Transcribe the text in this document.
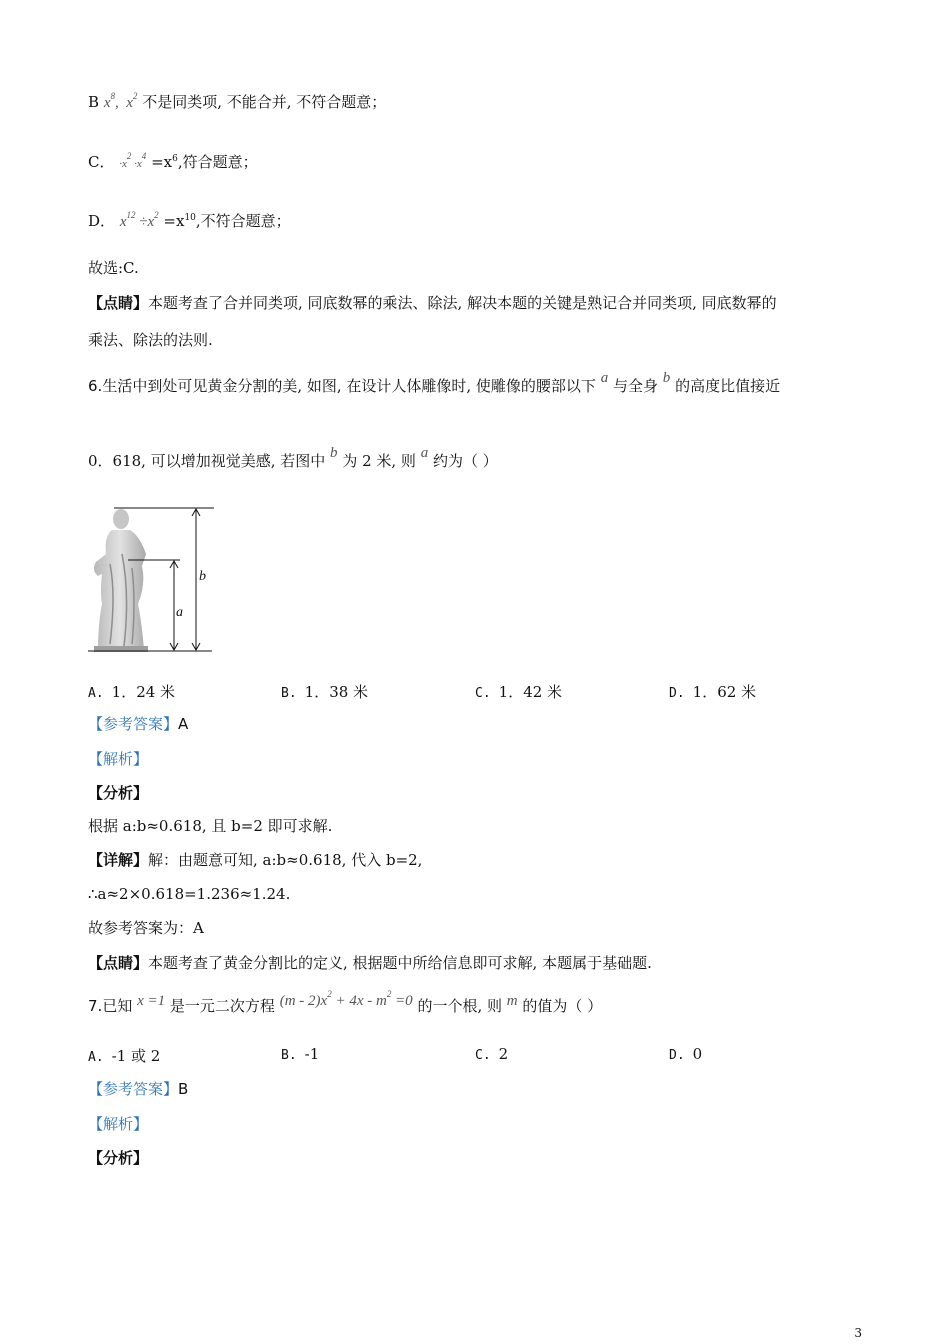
B $x^8$,  $x^2$ 不是同类项, 不能合并, 不符合题意；
C． $\cdot x^2 \cdot x^4 =x^6$,符合题意；
D． $x^{12} \div x^2 =x^{10}$,不符合题意；
故选:C.
【点睛】本题考查了合并同类项, 同底数幂的乘法、除法, 解决本题的关键是熟记合并同类项, 同底数幂的
乘法、除法的法则.
6.生活中到处可见黄金分割的美, 如图, 在设计人体雕像时, 使雕像的腰部以下 a 与全身 b 的高度比值接近
0．618, 可以增加视觉美感, 若图中 b 为 2 米, 则 a 约为（ ）
b
a
A. 1．24 米	B. 1．38 米	C. 1．42 米	D. 1．62 米
【参考答案】A
【解析】
【分析】
根据 a:b≈0.618, 且 b=2 即可求解.
【详解】解：由题意可知, a:b≈0.618, 代入 b=2,
∴a≈2×0.618=1.236≈1.24.
故参考答案为：A
【点睛】本题考查了黄金分割比的定义, 根据题中所给信息即可求解, 本题属于基础题.
7.已知 x =1 是一元二次方程 $(m - 2)x^2 + 4x - m^2 =0$ 的一个根, 则 m 的值为（ ）
A. -1 或 2	B. -1	C. 2	D. 0
【参考答案】B
【解析】
【分析】
3
